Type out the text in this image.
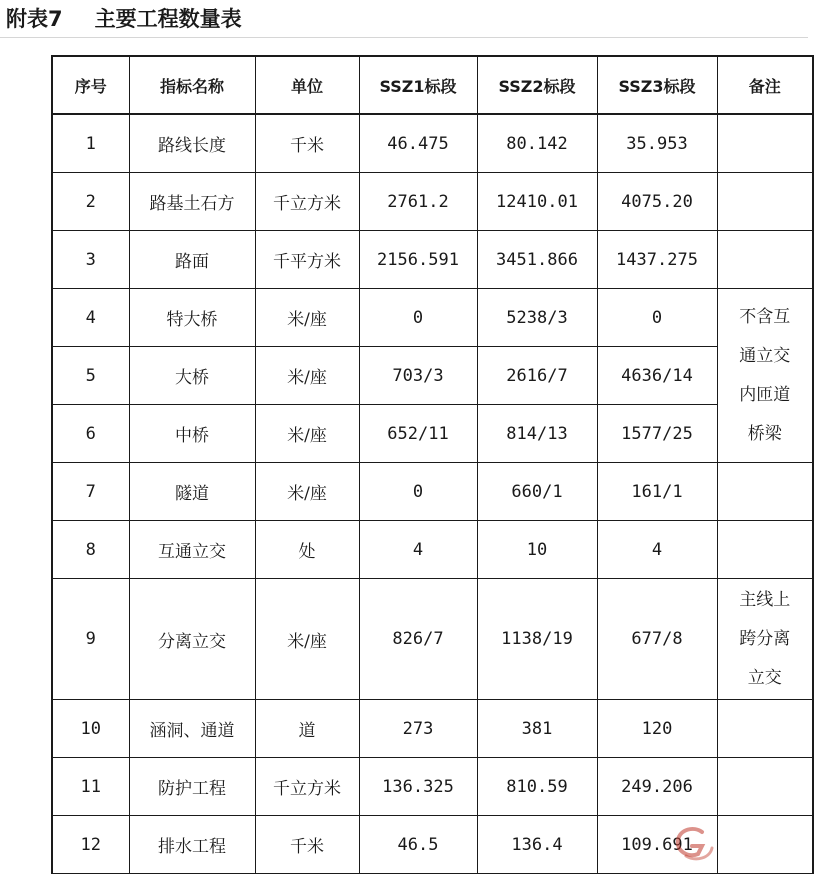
附表7 主要工程数量表
序号	指标名称	单位	SSZ1标段	SSZ2标段	SSZ3标段	备注
1	路线长度	千米	46.475	80.142	35.953	
2	路基土石方	千立方米	2761.2	12410.01	4075.20	
3	路面	千平方米	2156.591	3451.866	1437.275	
4	特大桥	米/座	0	5238/3	0	不含互通立交内匝道桥梁
5	大桥	米/座	703/3	2616/7	4636/14	
6	中桥	米/座	652/11	814/13	1577/25	
7	隧道	米/座	0	660/1	161/1	
8	互通立交	处	4	10	4	
9	分离立交	米/座	826/7	1138/19	677/8	主线上跨分离立交
10	涵洞、通道	道	273	381	120	
11	防护工程	千立方米	136.325	810.59	249.206	
12	排水工程	千米	46.5	136.4	109.691	
